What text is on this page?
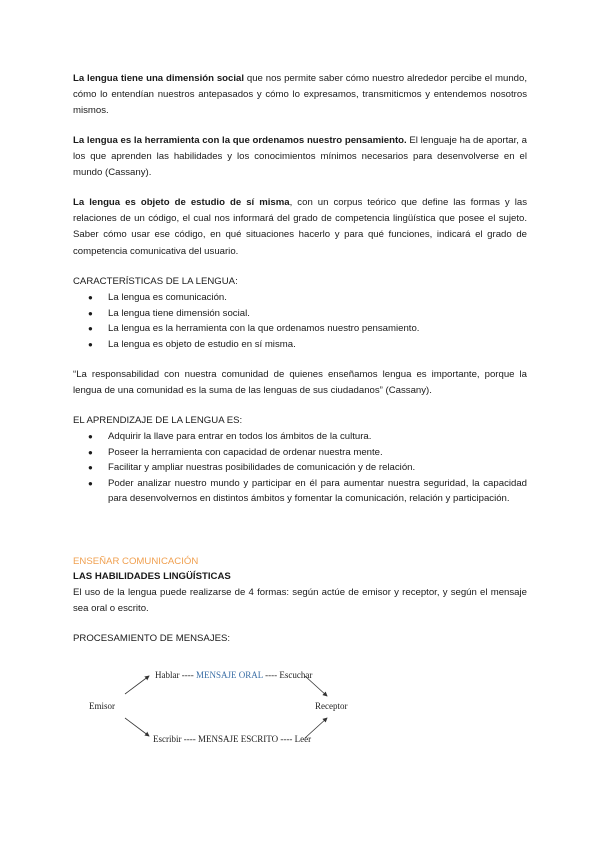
La lengua tiene una dimensión social que nos permite saber cómo nuestro alrededor percibe el mundo, cómo lo entendían nuestros antepasados y cómo lo expresamos, transmiticmos y entendemos nosotros mismos.

La lengua es la herramienta con la que ordenamos nuestro pensamiento. El lenguaje ha de aportar, a los que aprenden las habilidades y los conocimientos mínimos necesarios para desenvolverse en el mundo (Cassany).

La lengua es objeto de estudio de sí misma, con un corpus teórico que define las formas y las relaciones de un código, el cual nos informará del grado de competencia lingüística que posee el sujeto. Saber cómo usar ese código, en qué situaciones hacerlo y para qué funciones, indicará el grado de competencia comunicativa del usuario.

CARACTERÍSTICAS DE LA LENGUA:

● La lengua es comunicación.
● La lengua tiene dimensión social.
● La lengua es la herramienta con la que ordenamos nuestro pensamiento.
● La lengua es objeto de estudio en sí misma.

“La responsabilidad con nuestra comunidad de quienes enseñamos lengua es importante, porque la lengua de una comunidad es la suma de las lenguas de sus ciudadanos” (Cassany).

EL APRENDIZAJE DE LA LENGUA ES:

● Adquirir la llave para entrar en todos los ámbitos de la cultura.
● Poseer la herramienta con capacidad de ordenar nuestra mente.
● Facilitar y ampliar nuestras posibilidades de comunicación y de relación.
● Poder analizar nuestro mundo y participar en él para aumentar nuestra seguridad, la capacidad para desenvolvernos en distintos ámbitos y fomentar la comunicación, relación y participación.

ENSEÑAR COMUNICACIÓN

LAS HABILIDADES LINGÜÍSTICAS

El uso de la lengua puede realizarse de 4 formas: según actúe de emisor y receptor, y según el mensaje sea oral o escrito.

PROCESAMIENTO DE MENSAJES:

Emisor	Receptor
Hablar ---- MENSAJE ORAL ---- Escuchar
Escribir ---- MENSAJE ESCRITO ---- Leer
